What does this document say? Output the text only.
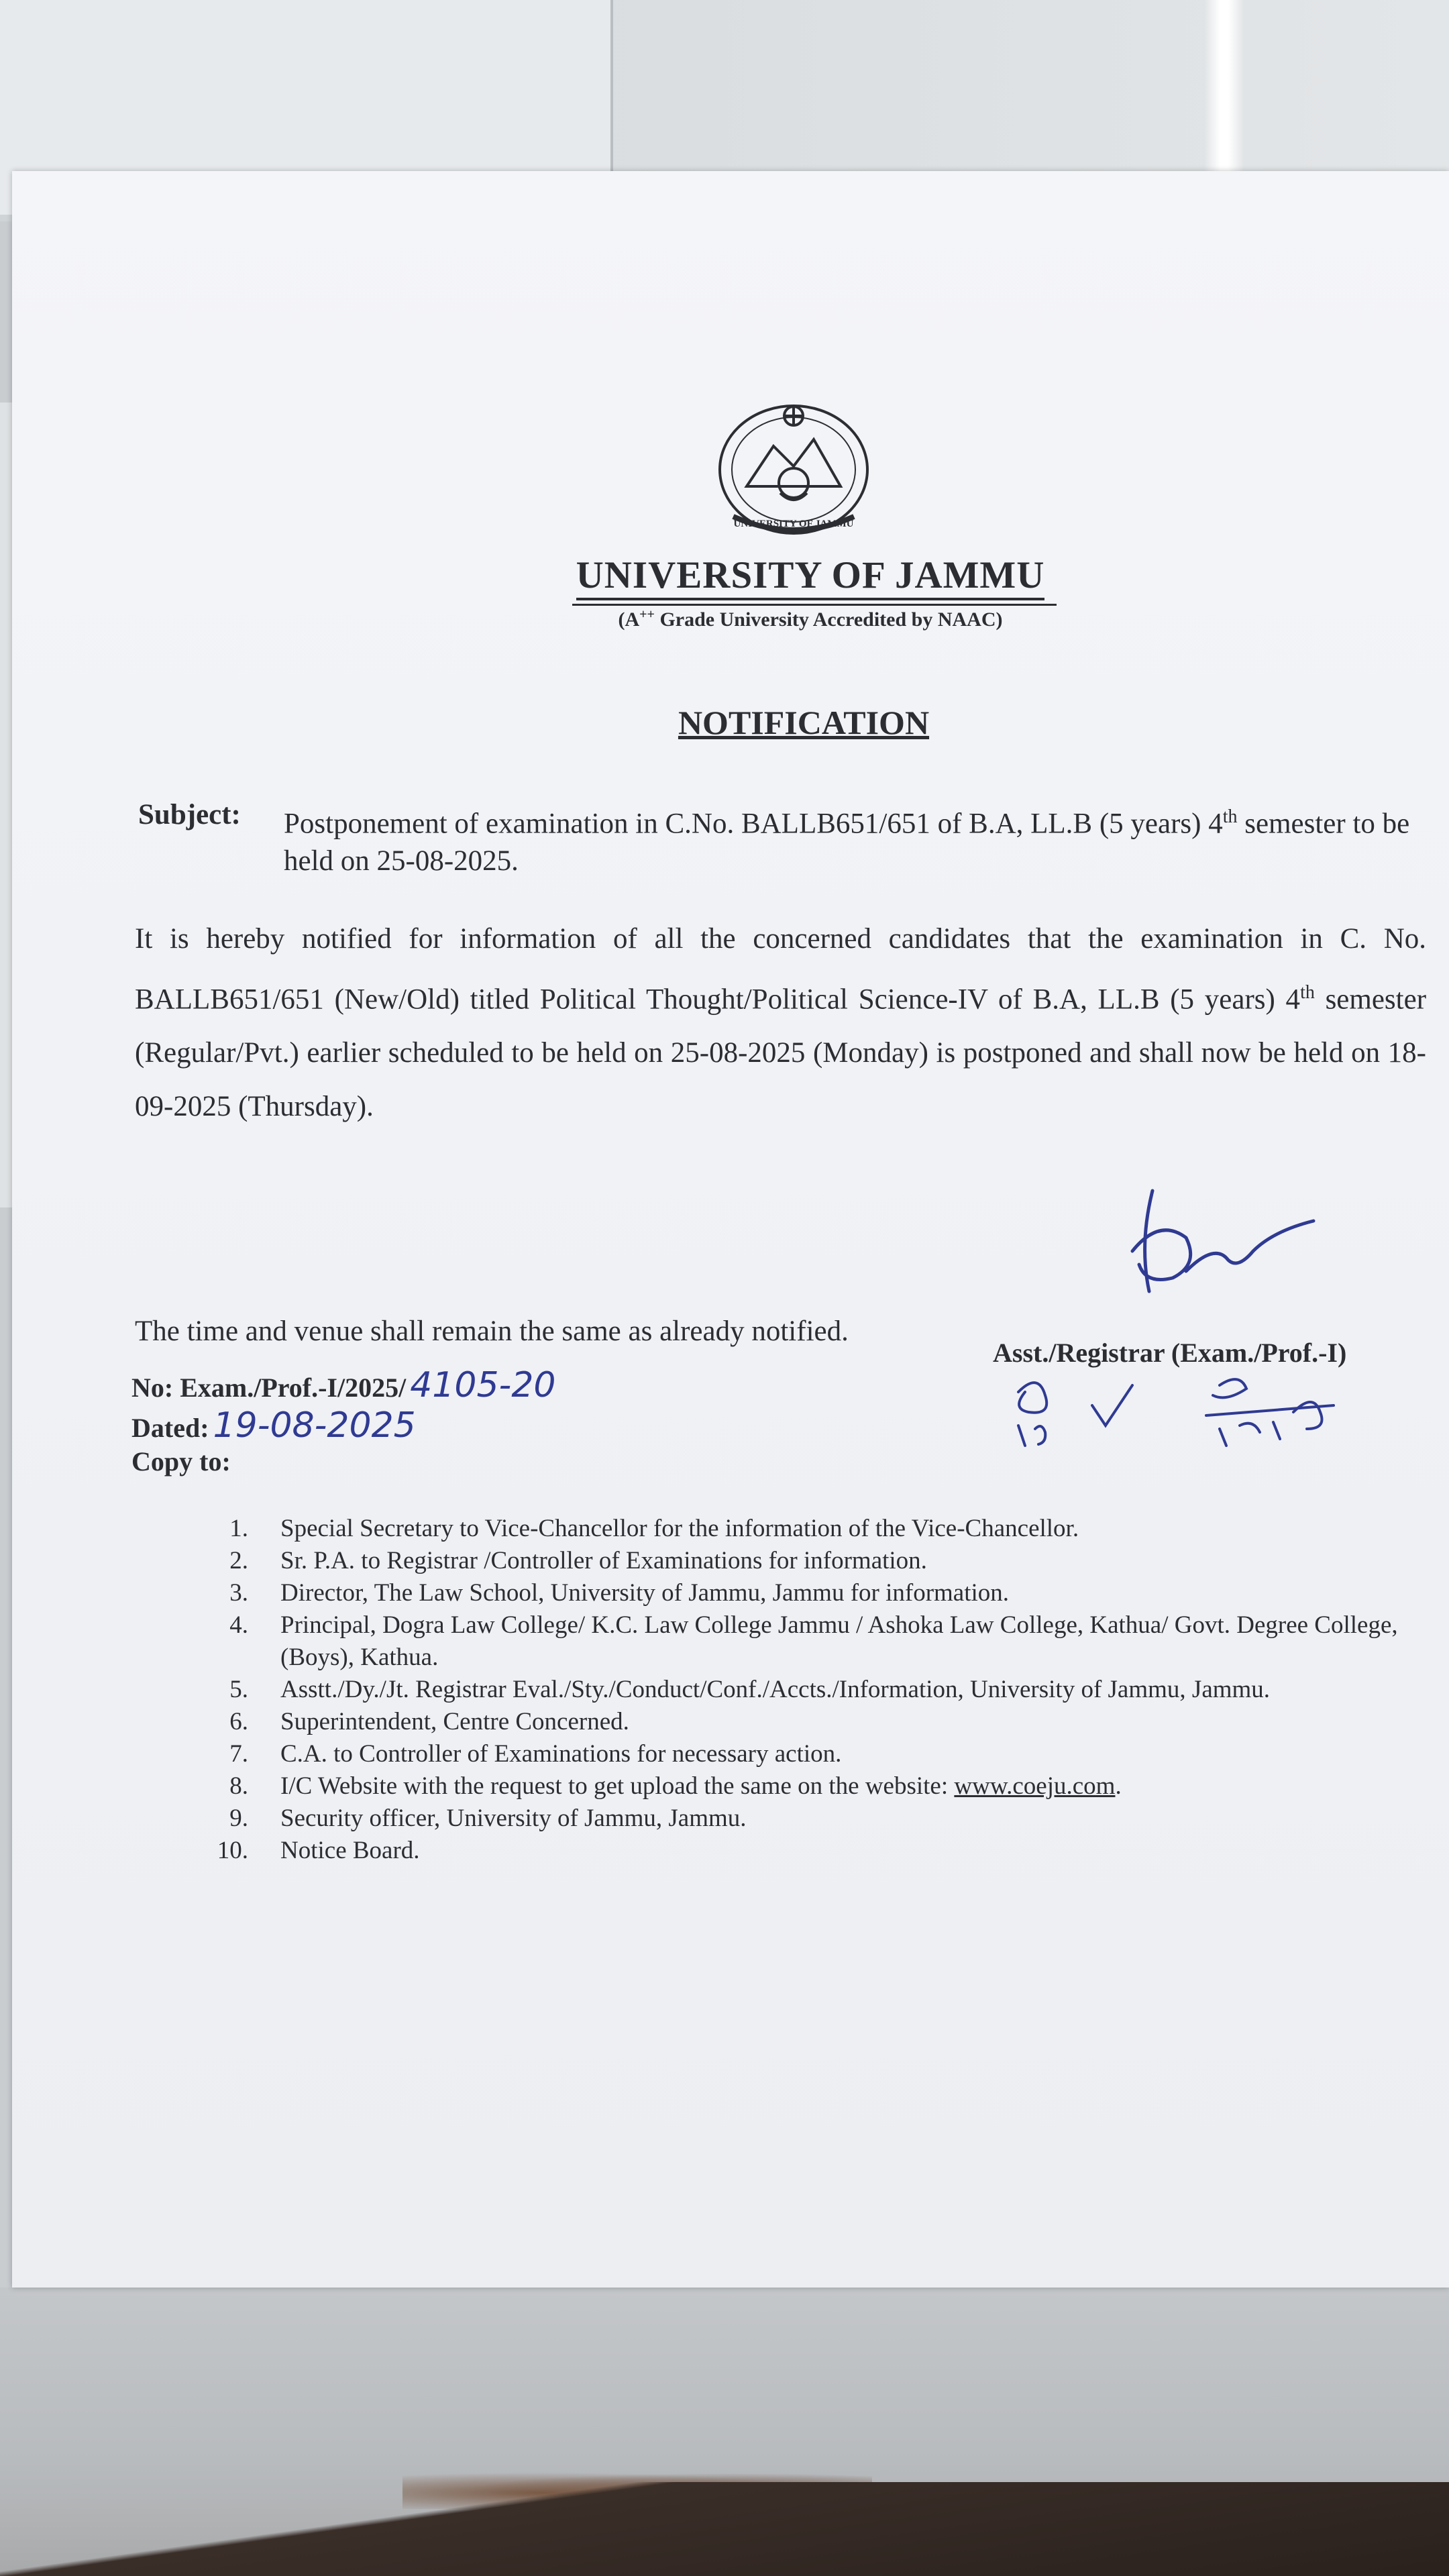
UNIVERSITY OF JAMMU
UNIVERSITY OF JAMMU
(A++ Grade University Accredited by NAAC)
NOTIFICATION
Subject: Postponement of examination in C.No. BALLB651/651 of B.A, LL.B (5 years) 4th semester to be held on 25-08-2025.
It is hereby notified for information of all the concerned candidates that the examination in C. No. BALLB651/651 (New/Old) titled Political Thought/Political Science-IV of B.A, LL.B (5 years) 4th semester (Regular/Pvt.) earlier scheduled to be held on 25-08-2025 (Monday) is postponed and shall now be held on 18-09-2025 (Thursday).
The time and venue shall remain the same as already notified.
Asst./Registrar (Exam./Prof.-I)
No: Exam./Prof.-I/2025/ 4105-20
Dated: 19-08-2025
Copy to:
1. Special Secretary to Vice-Chancellor for the information of the Vice-Chancellor.
2. Sr. P.A. to Registrar /Controller of Examinations for information.
3. Director, The Law School, University of Jammu, Jammu for information.
4. Principal, Dogra Law College/ K.C. Law College Jammu / Ashoka Law College, Kathua/ Govt. Degree College, (Boys), Kathua.
5. Asstt./Dy./Jt. Registrar Eval./Sty./Conduct/Conf./Accts./Information, University of Jammu, Jammu.
6. Superintendent, Centre Concerned.
7. C.A. to Controller of Examinations for necessary action.
8. I/C Website with the request to get upload the same on the website: www.coeju.com.
9. Security officer, University of Jammu, Jammu.
10. Notice Board.
